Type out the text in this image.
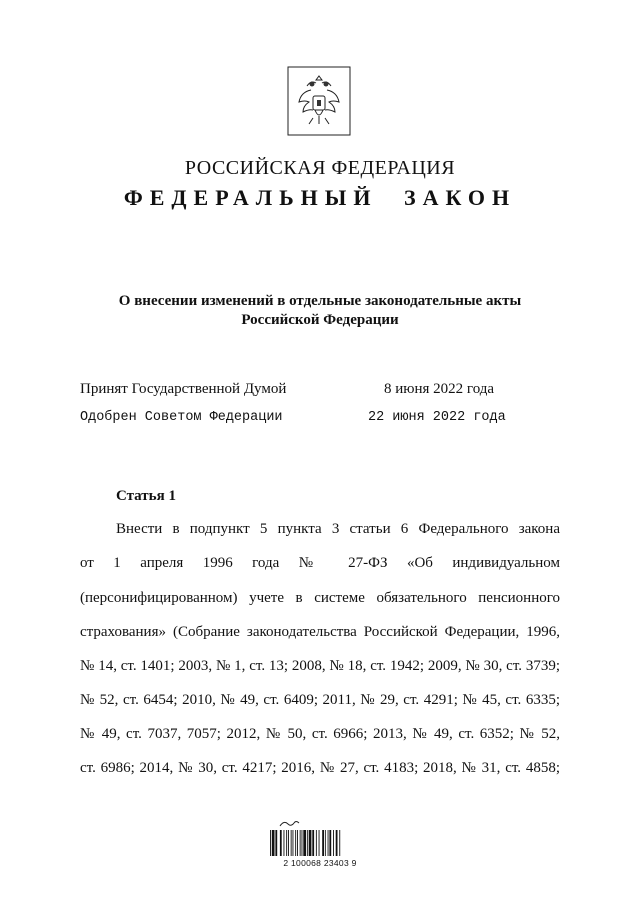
РОССИЙСКАЯ ФЕДЕРАЦИЯ
ФЕДЕРАЛЬНЫЙ ЗАКОН
О внесении изменений в отдельные законодательные акты
Российской Федерации
Принят Государственной Думой	8 июня 2022 года
Одобрен Советом Федерации	22 июня 2022 года
Статья 1
Внести в подпункт 5 пункта 3 статьи 6 Федерального закона
от 1 апреля 1996 года № 27-ФЗ «Об индивидуальном
(персонифицированном) учете в системе обязательного пенсионного
страхования» (Собрание законодательства Российской Федерации, 1996,
№ 14, ст. 1401; 2003, № 1, ст. 13; 2008, № 18, ст. 1942; 2009, № 30, ст. 3739;
№ 52, ст. 6454; 2010, № 49, ст. 6409; 2011, № 29, ст. 4291; № 45, ст. 6335;
№ 49, ст. 7037, 7057; 2012, № 50, ст. 6966; 2013, № 49, ст. 6352; № 52,
ст. 6986; 2014, № 30, ст. 4217; 2016, № 27, ст. 4183; 2018, № 31, ст. 4858;
2 100068 23403 9
